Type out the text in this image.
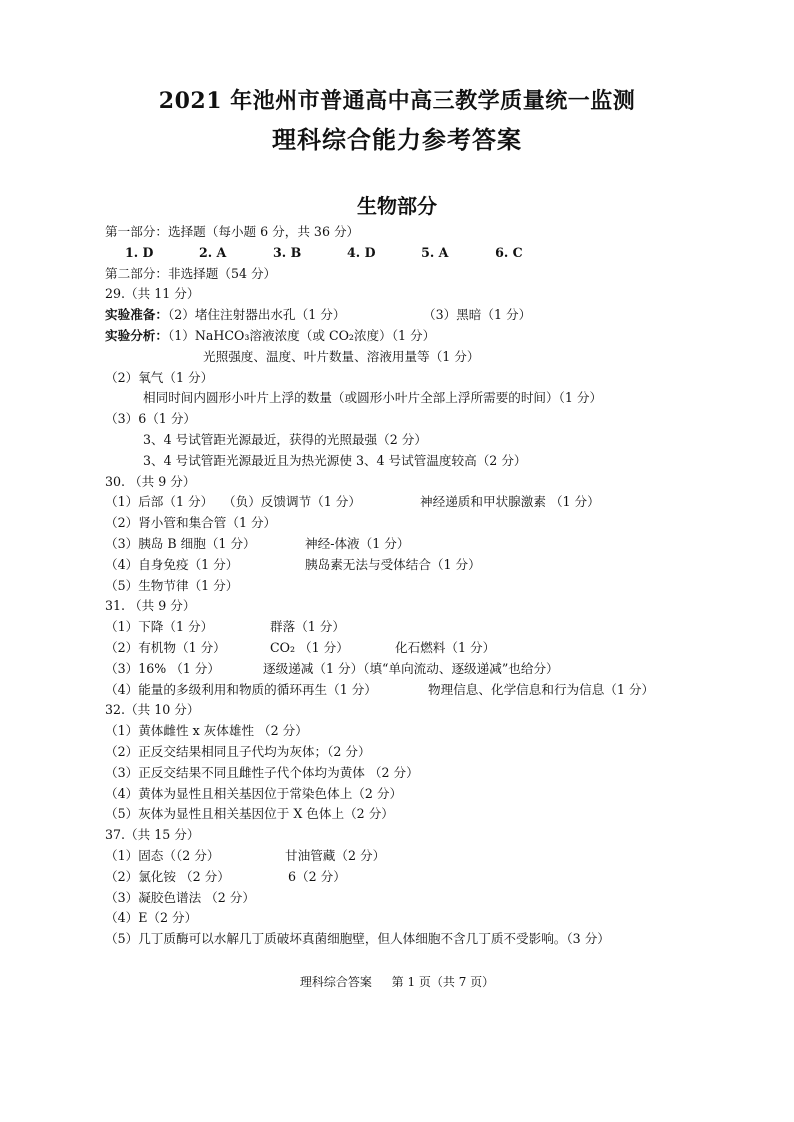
2021 年池州市普通高中高三教学质量统一监测
理科综合能力参考答案
生物部分
第一部分：选择题（每小题 6 分，共 36 分）
1. D	2. A	3. B	4. D	5. A	6. C
第二部分：非选择题（54 分）
29.（共 11 分）
实验准备：（2）堵住注射器出水孔（1 分）	（3）黑暗（1 分）
实验分析：（1）NaHCO₃溶液浓度（或 CO₂浓度）（1 分）
光照强度、温度、叶片数量、溶液用量等（1 分）
（2）氧气（1 分）
相同时间内圆形小叶片上浮的数量（或圆形小叶片全部上浮所需要的时间）（1 分）
（3）6（1 分）
3、4 号试管距光源最近，获得的光照最强（2 分）
3、4 号试管距光源最近且为热光源使 3、4 号试管温度较高（2 分）
30. （共 9 分）
（1）后部（1 分） （负）反馈调节（1 分）	神经递质和甲状腺激素 （1 分）
（2）肾小管和集合管（1 分）
（3）胰岛 B 细胞（1 分）	神经-体液（1 分）
（4）自身免疫（1 分）	胰岛素无法与受体结合（1 分）
（5）生物节律（1 分）
31. （共 9 分）
（1）下降（1 分）	群落（1 分）
（2）有机物（1 分）	CO₂ （1 分）	化石燃料（1 分）
（3）16% （1 分）	逐级递减（1 分）（填“单向流动、逐级递减”也给分）
（4）能量的多级利用和物质的循环再生（1 分）	物理信息、化学信息和行为信息（1 分）
32.（共 10 分）
（1）黄体雌性 x 灰体雄性 （2 分）
（2）正反交结果相同且子代均为灰体；（2 分）
（3）正反交结果不同且雌性子代个体均为黄体 （2 分）
（4）黄体为显性且相关基因位于常染色体上（2 分）
（5）灰体为显性且相关基因位于 X 色体上（2 分）
37.（共 15 分）
（1）固态（（2 分）	甘油管藏（2 分）
（2）氯化铵 （2 分）	6（2 分）
（3）凝胶色谱法 （2 分）
（4）E（2 分）
（5）几丁质酶可以水解几丁质破坏真菌细胞壁，但人体细胞不含几丁质不受影响。（3 分）
理科综合答案 第 1 页（共 7 页）
